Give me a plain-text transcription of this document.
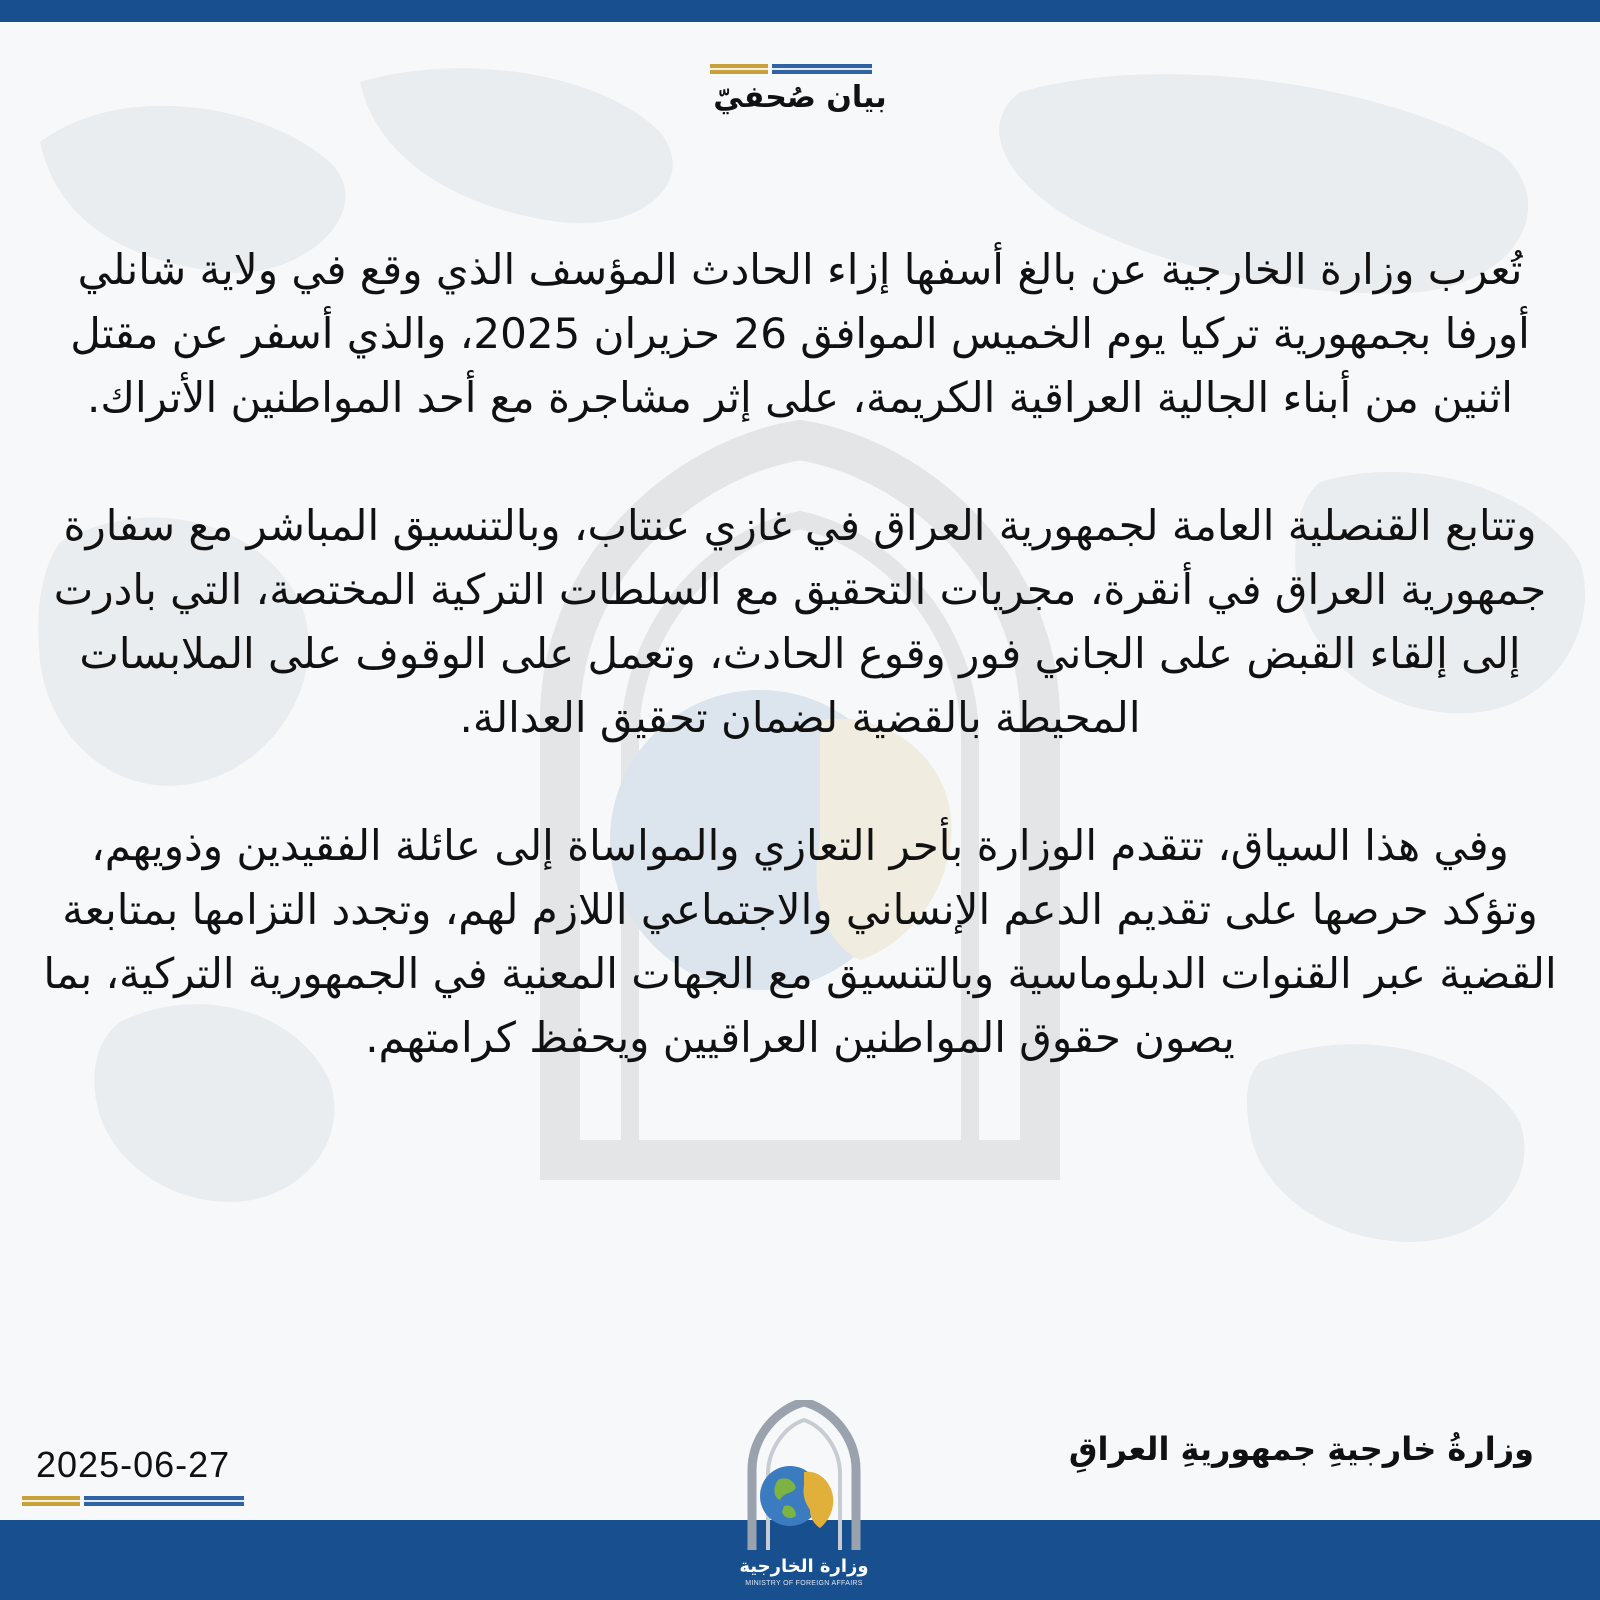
بيان صُحفيّ

تُعرب وزارة الخارجية عن بالغ أسفها إزاء الحادث المؤسف الذي وقع في ولاية شانلي أورفا بجمهورية تركيا يوم الخميس الموافق 26 حزيران 2025، والذي أسفر عن مقتل اثنين من أبناء الجالية العراقية الكريمة، على إثر مشاجرة مع أحد المواطنين الأتراك.

وتتابع القنصلية العامة لجمهورية العراق في غازي عنتاب، وبالتنسيق المباشر مع سفارة جمهورية العراق في أنقرة، مجريات التحقيق مع السلطات التركية المختصة، التي بادرت إلى إلقاء القبض على الجاني فور وقوع الحادث، وتعمل على الوقوف على الملابسات المحيطة بالقضية لضمان تحقيق العدالة.

وفي هذا السياق، تتقدم الوزارة بأحر التعازي والمواساة إلى عائلة الفقيدين وذويهم، وتؤكد حرصها على تقديم الدعم الإنساني والاجتماعي اللازم لهم، وتجدد التزامها بمتابعة القضية عبر القنوات الدبلوماسية وبالتنسيق مع الجهات المعنية في الجمهورية التركية، بما يصون حقوق المواطنين العراقيين ويحفظ كرامتهم.

وزارةُ خارجيةِ جمهوريةِ العراقِ
2025-06-27
وزارة الخارجية
MINISTRY OF FOREIGN AFFAIRS
